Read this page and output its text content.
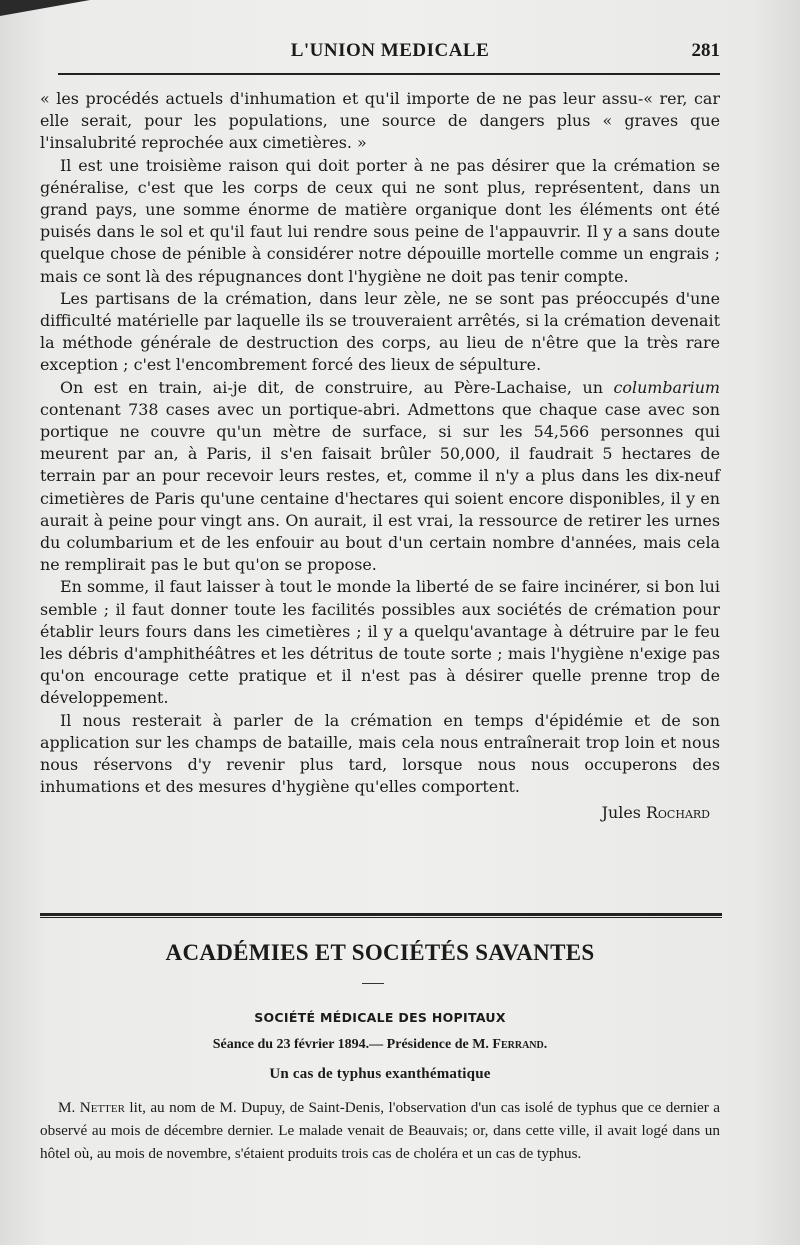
L'UNION MEDICALE	281

« les procédés actuels d'inhumation et qu'il importe de ne pas leur assu-« rer, car elle serait, pour les populations, une source de dangers plus « graves que l'insalubrité reprochée aux cimetières. »

Il est une troisième raison qui doit porter à ne pas désirer que la crémation se généralise, c'est que les corps de ceux qui ne sont plus, représentent, dans un grand pays, une somme énorme de matière organique dont les éléments ont été puisés dans le sol et qu'il faut lui rendre sous peine de l'appauvrir. Il y a sans doute quelque chose de pénible à considérer notre dépouille mortelle comme un engrais ; mais ce sont là des répugnances dont l'hygiène ne doit pas tenir compte.

Les partisans de la crémation, dans leur zèle, ne se sont pas préoccupés d'une difficulté matérielle par laquelle ils se trouveraient arrêtés, si la crémation devenait la méthode générale de destruction des corps, au lieu de n'être que la très rare exception ; c'est l'encombrement forcé des lieux de sépulture.

On est en train, ai-je dit, de construire, au Père-Lachaise, un columbarium contenant 738 cases avec un portique-abri. Admettons que chaque case avec son portique ne couvre qu'un mètre de surface, si sur les 54,566 personnes qui meurent par an, à Paris, il s'en faisait brûler 50,000, il faudrait 5 hectares de terrain par an pour recevoir leurs restes, et, comme il n'y a plus dans les dix-neuf cimetières de Paris qu'une centaine d'hectares qui soient encore disponibles, il y en aurait à peine pour vingt ans. On aurait, il est vrai, la ressource de retirer les urnes du columbarium et de les enfouir au bout d'un certain nombre d'années, mais cela ne remplirait pas le but qu'on se propose.

En somme, il faut laisser à tout le monde la liberté de se faire incinérer, si bon lui semble ; il faut donner toute les facilités possibles aux sociétés de crémation pour établir leurs fours dans les cimetières ; il y a quelqu'avantage à détruire par le feu les débris d'amphithéâtres et les détritus de toute sorte ; mais l'hygiène n'exige pas qu'on encourage cette pratique et il n'est pas à désirer quelle prenne trop de développement.

Il nous resterait à parler de la crémation en temps d'épidémie et de son application sur les champs de bataille, mais cela nous entraînerait trop loin et nous nous réservons d'y revenir plus tard, lorsque nous nous occuperons des inhumations et des mesures d'hygiène qu'elles comportent.

Jules Rochard
ACADÉMIES ET SOCIÉTÉS SAVANTES
SOCIÉTÉ MÉDICALE DES HOPITAUX
Séance du 23 février 1894.— Présidence de M. Ferrand.
Un cas de typhus exanthématique

M. Netter lit, au nom de M. Dupuy, de Saint-Denis, l'observation d'un cas isolé de typhus que ce dernier a observé au mois de décembre dernier. Le malade venait de Beauvais; or, dans cette ville, il avait logé dans un hôtel où, au mois de novembre, s'étaient produits trois cas de choléra et un cas de typhus.
